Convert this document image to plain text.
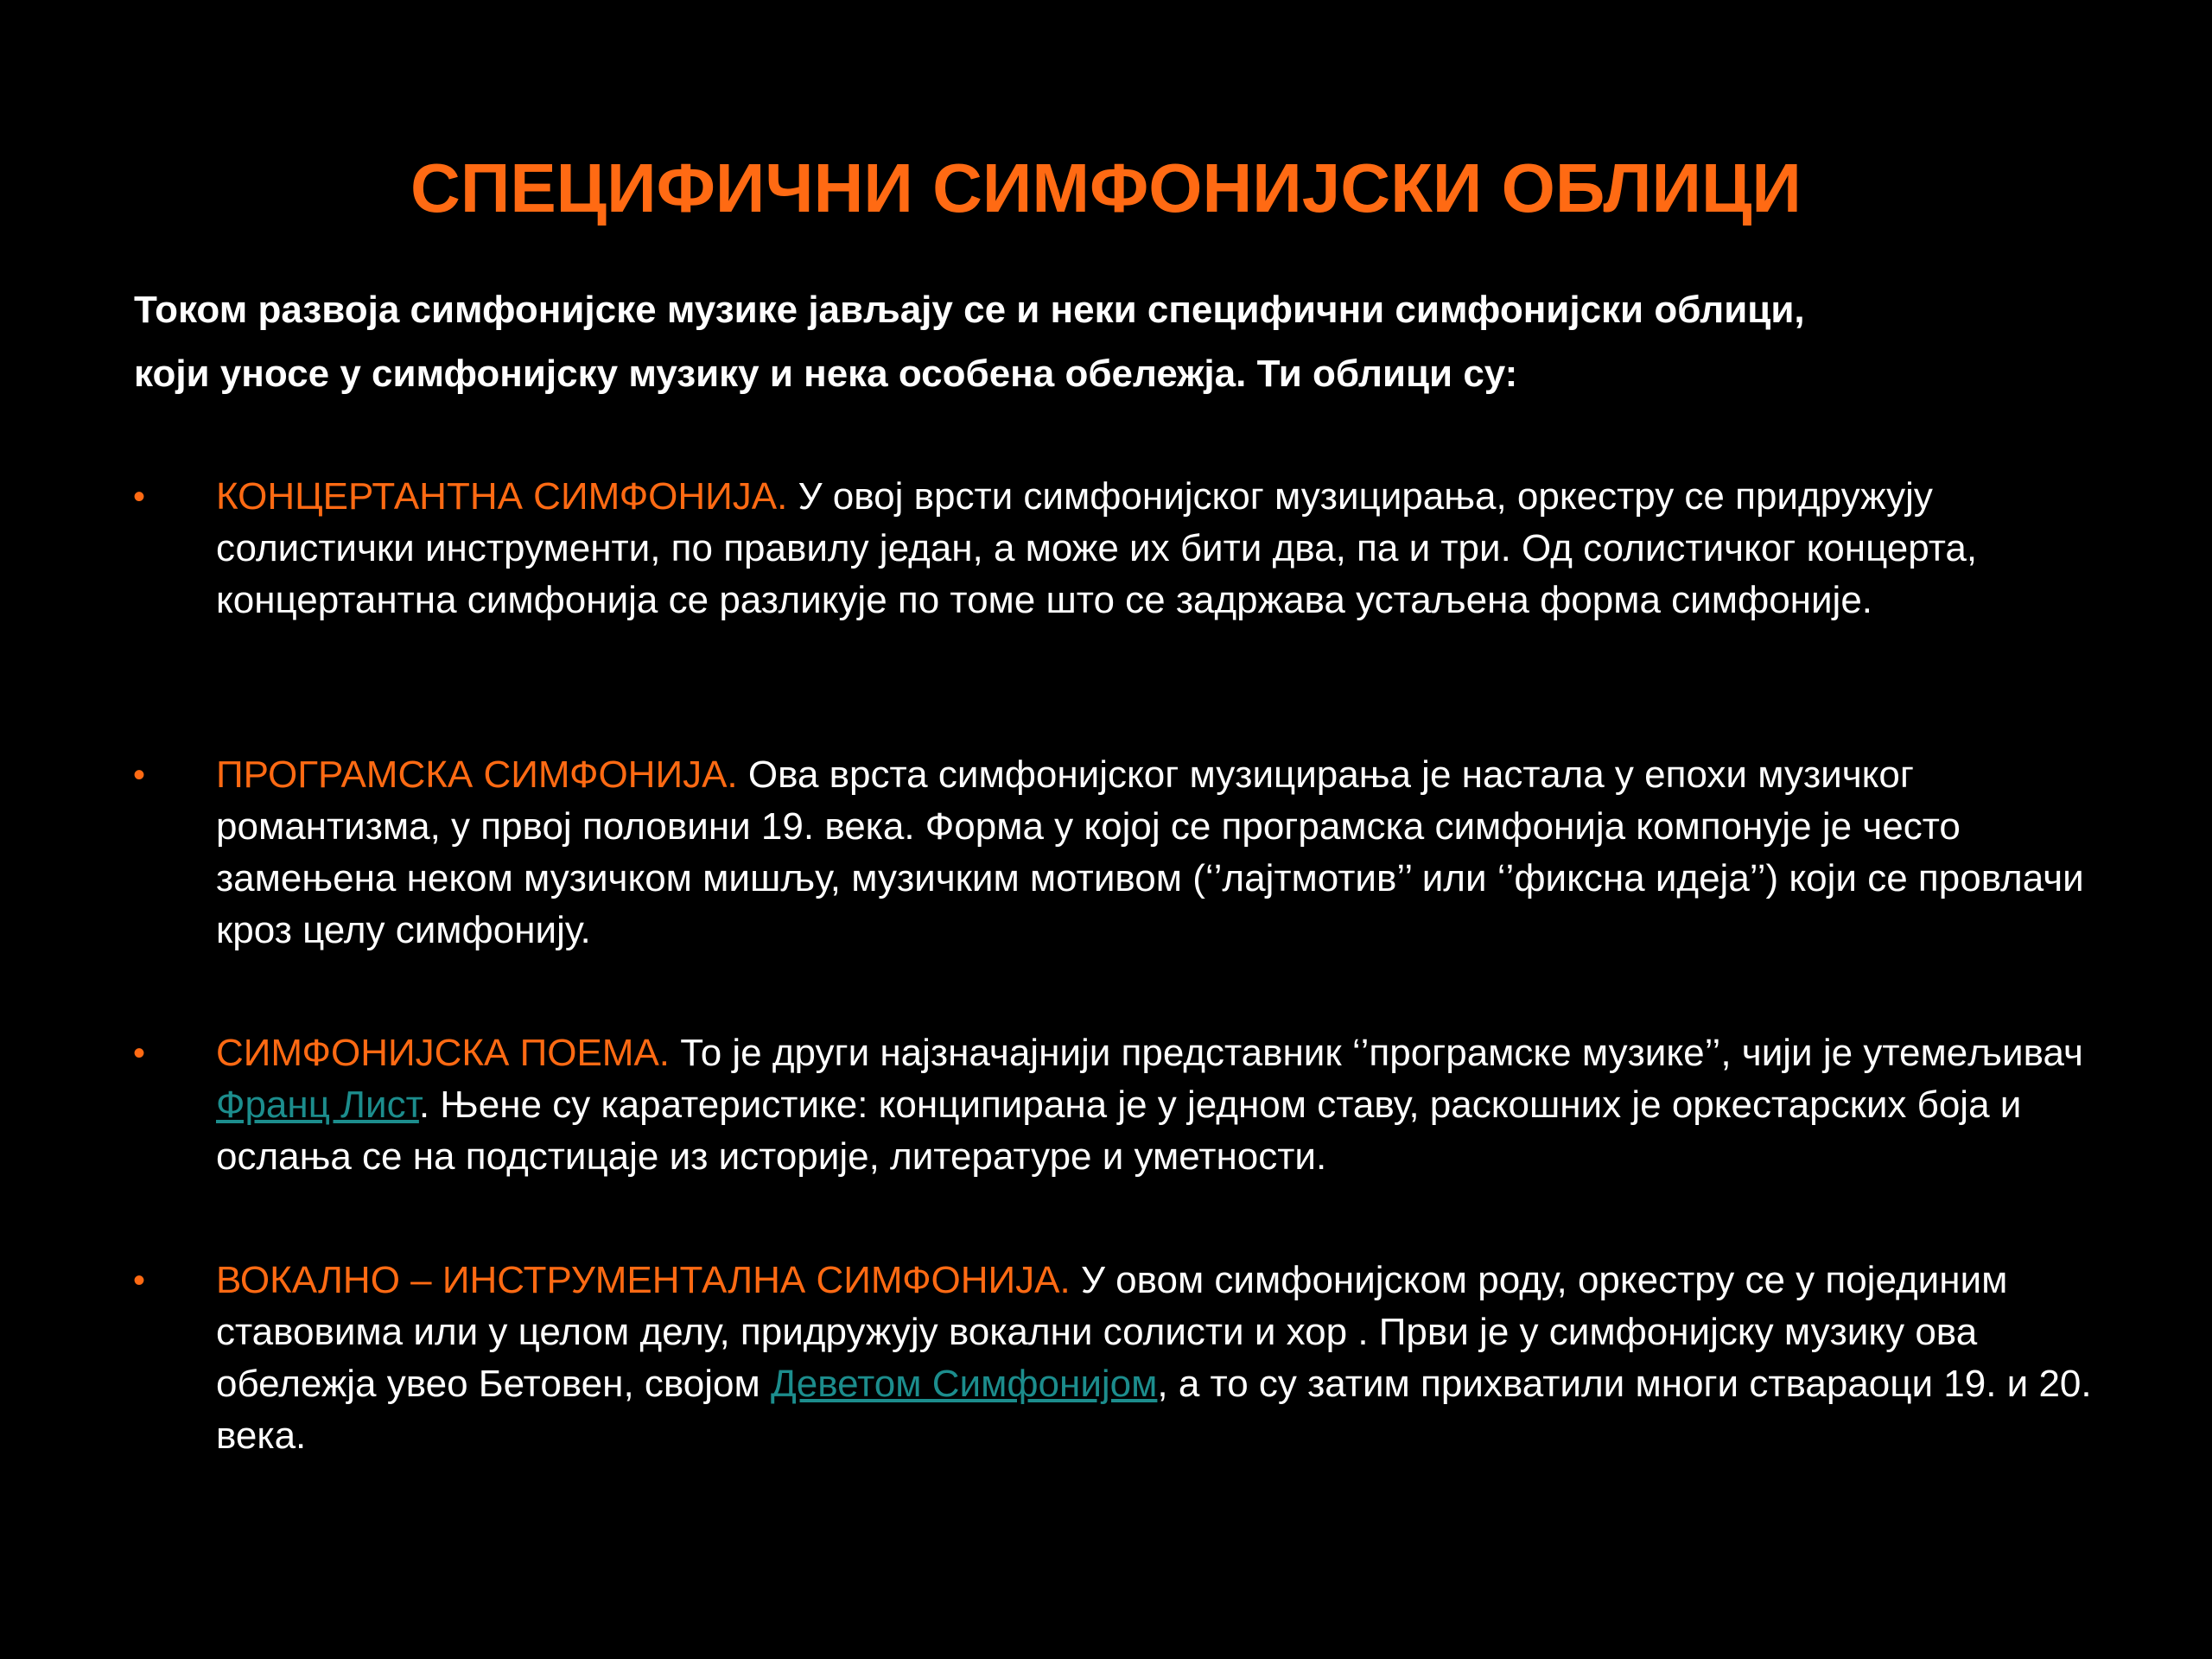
СПЕЦИФИЧНИ СИМФОНИЈСКИ ОБЛИЦИ

Током развоја симфонијске музике јављају се и неки специфични симфонијски облици,
који уносе у симфонијску музику и нека особена обележја. Ти облици су:

• КОНЦЕРТАНТНА СИМФОНИЈА. У овој врсти симфонијског музицирања, оркестру се придружују солистички инструменти, по правилу један, а може их бити два, па и три. Од солистичког концерта, концертантна симфонија се разликује по томе што се задржава устаљена форма симфоније.
• ПРОГРАМСКА СИМФОНИЈА. Ова врста симфонијског музицирања је настала у епохи музичког романтизма, у првој половини 19. века. Форма у којој се програмска симфонија компонује је често замењена неком музичком мишљу, музичким мотивом (‘’лајтмотив’’ или ‘’фиксна идеја’’) који се провлачи кроз целу симфонију.
• СИМФОНИЈСКА ПОЕМА. То је други најзначајнији представник ‘’програмске музике’’, чији је утемељивач Франц Лист. Њене су каратеристике: конципирана је у једном ставу, раскошних је оркестарских боја и ослања се на подстицаје из историје, литературе и уметности.
• ВОКАЛНО – ИНСТРУМЕНТАЛНА СИМФОНИЈА. У овом симфонијском роду, оркестру се у појединим ставовима или у целом делу, придружују вокални солисти и хор . Први је у симфонијску музику ова обележја увео Бетовен, својом Деветом Симфонијом, а то су затим прихватили многи ствараоци 19. и 20. века.
